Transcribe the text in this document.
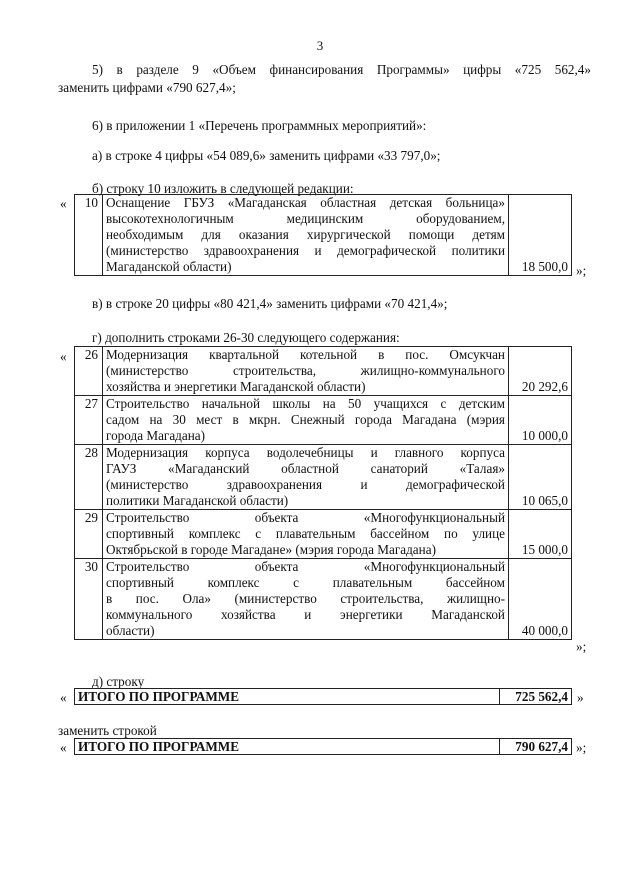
3
5) в разделе 9 «Объем финансирования Программы» цифры «725 562,4»
заменить цифрами «790 627,4»;
6) в приложении 1 «Перечень программных мероприятий»:
а) в строке 4 цифры «54 089,6» заменить цифрами «33 797,0»;
б) строку 10 изложить в следующей редакции:
« 10	Оснащение ГБУЗ «Магаданская областная детская больница»
высокотехнологичным медицинским оборудованием,
необходимым для оказания хирургической помощи детям
(министерство здравоохранения и демографической политики
Магаданской области)	18 500,0 »;
в) в строке 20 цифры «80 421,4» заменить цифрами «70 421,4»;
г) дополнить строками 26-30 следующего содержания:
« 26	Модернизация квартальной котельной в пос. Омсукчан
(министерство строительства, жилищно-коммунального
хозяйства и энергетики Магаданской области)	20 292,6
27	Строительство начальной школы на 50 учащихся с детским
садом на 30 мест в мкрн. Снежный города Магадана (мэрия
города Магадана)	10 000,0
28	Модернизация корпуса водолечебницы и главного корпуса
ГАУЗ «Магаданский областной санаторий «Талая»
(министерство здравоохранения и демографической
политики Магаданской области)	10 065,0
29	Строительство объекта «Многофункциональный
спортивный комплекс с плавательным бассейном по улице
Октябрьской в городе Магадане» (мэрия города Магадана)	15 000,0
30	Строительство объекта «Многофункциональный
спортивный комплекс с плавательным бассейном
в пос. Ола» (министерство строительства, жилищно-
коммунального хозяйства и энергетики Магаданской
области)	40 000,0
»;
д) строку
« ИТОГО ПО ПРОГРАММЕ	725 562,4 »
заменить строкой
« ИТОГО ПО ПРОГРАММЕ	790 627,4 »;
